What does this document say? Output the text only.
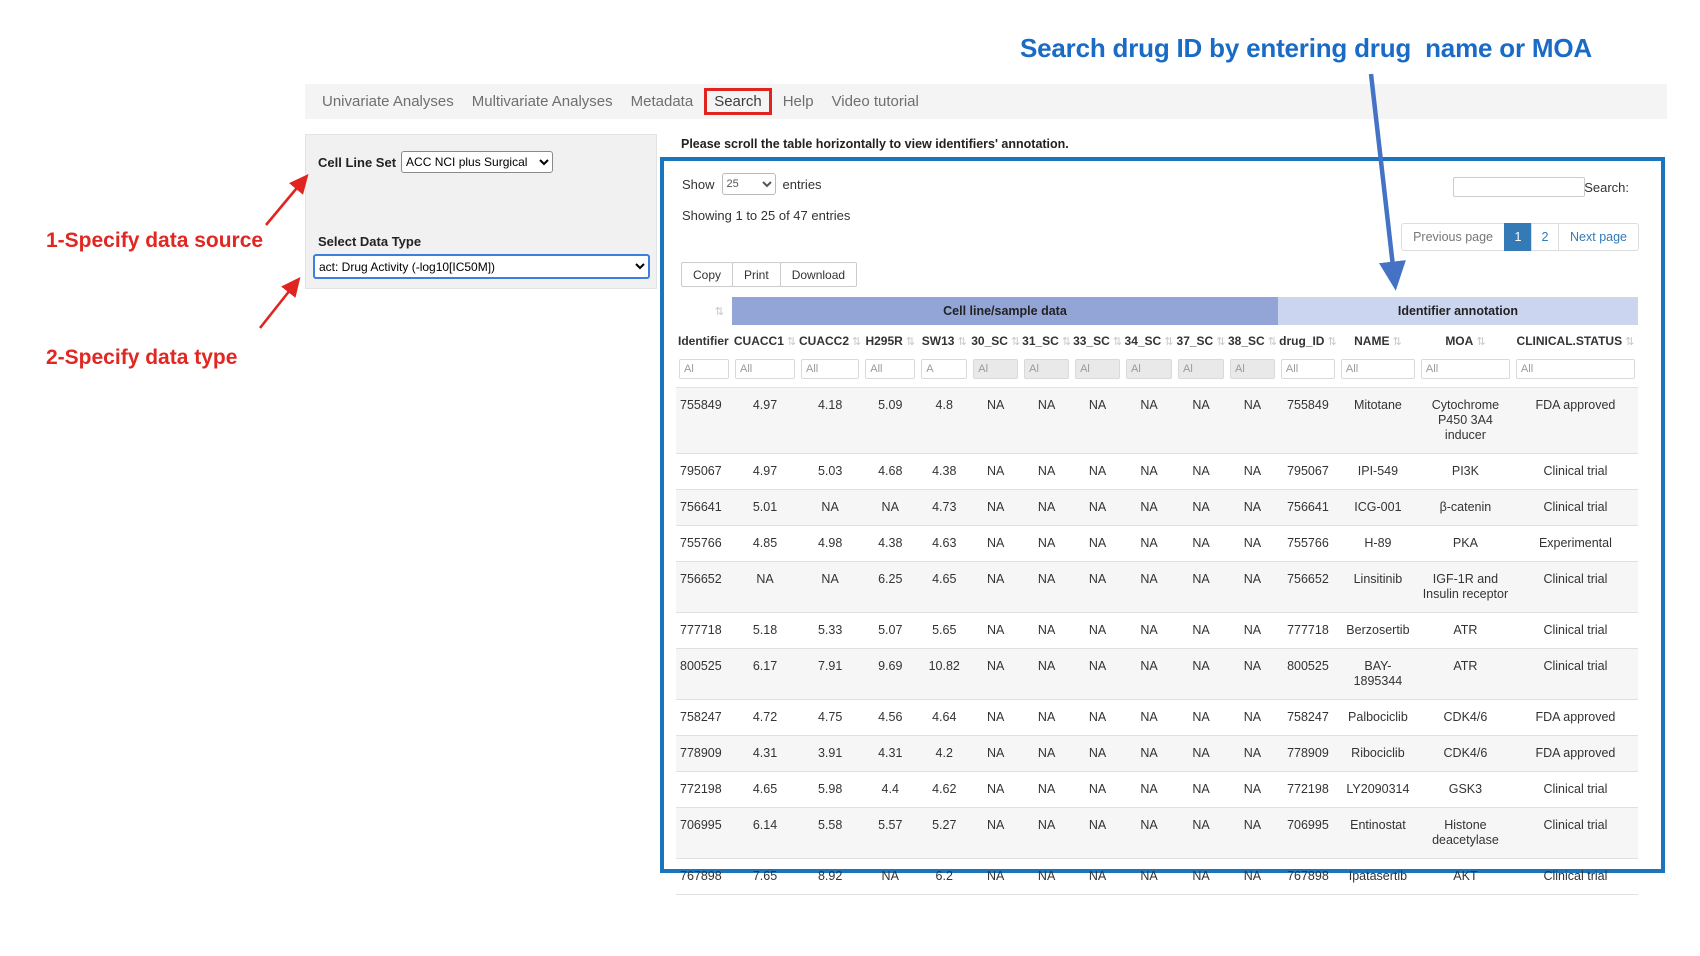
Search drug ID by entering drug  name or MOA
1-Specify data source
2-Specify data type
Univariate Analyses	Multivariate Analyses	Metadata	Search	Help	Video tutorial
Cell Line Set
ACC NCI plus Surgical
Select Data Type
act: Drug Activity (-log10[IC50M])
Please scroll the table horizontally to view identifiers' annotation.
Show
25	entries	Search:
Showing 1 to 25 of 47 entries
Previous page	1	2	Next page
Copy	Print	Download
⇅	Cell line/sample data										Identifier annotation			
Identifier	CUACC1 ⇅	CUACC2 ⇅	H295R ⇅	SW13 ⇅	30_SC ⇅	31_SC ⇅	33_SC ⇅	34_SC ⇅	37_SC ⇅	38_SC ⇅	drug_ID ⇅	NAME ⇅	MOA ⇅	CLINICAL.STATUS ⇅
Al	All	All	All	A	Al	Al	Al	Al	Al	Al	All	All	All	All
755849	4.97	4.18	5.09	4.8	NA	NA	NA	NA	NA	NA	755849	Mitotane	Cytochrome P450 3A4 inducer	FDA approved
795067	4.97	5.03	4.68	4.38	NA	NA	NA	NA	NA	NA	795067	IPI-549	PI3K	Clinical trial
756641	5.01	NA	NA	4.73	NA	NA	NA	NA	NA	NA	756641	ICG-001	β-catenin	Clinical trial
755766	4.85	4.98	4.38	4.63	NA	NA	NA	NA	NA	NA	755766	H-89	PKA	Experimental
756652	NA	NA	6.25	4.65	NA	NA	NA	NA	NA	NA	756652	Linsitinib	IGF-1R and Insulin receptor	Clinical trial
777718	5.18	5.33	5.07	5.65	NA	NA	NA	NA	NA	NA	777718	Berzosertib	ATR	Clinical trial
800525	6.17	7.91	9.69	10.82	NA	NA	NA	NA	NA	NA	800525	BAY-1895344	ATR	Clinical trial
758247	4.72	4.75	4.56	4.64	NA	NA	NA	NA	NA	NA	758247	Palbociclib	CDK4/6	FDA approved
778909	4.31	3.91	4.31	4.2	NA	NA	NA	NA	NA	NA	778909	Ribociclib	CDK4/6	FDA approved
772198	4.65	5.98	4.4	4.62	NA	NA	NA	NA	NA	NA	772198	LY2090314	GSK3	Clinical trial
706995	6.14	5.58	5.57	5.27	NA	NA	NA	NA	NA	NA	706995	Entinostat	Histone deacetylase	Clinical trial
767898	7.65	8.92	NA	6.2	NA	NA	NA	NA	NA	NA	767898	Ipatasertib	AKT	Clinical trial
